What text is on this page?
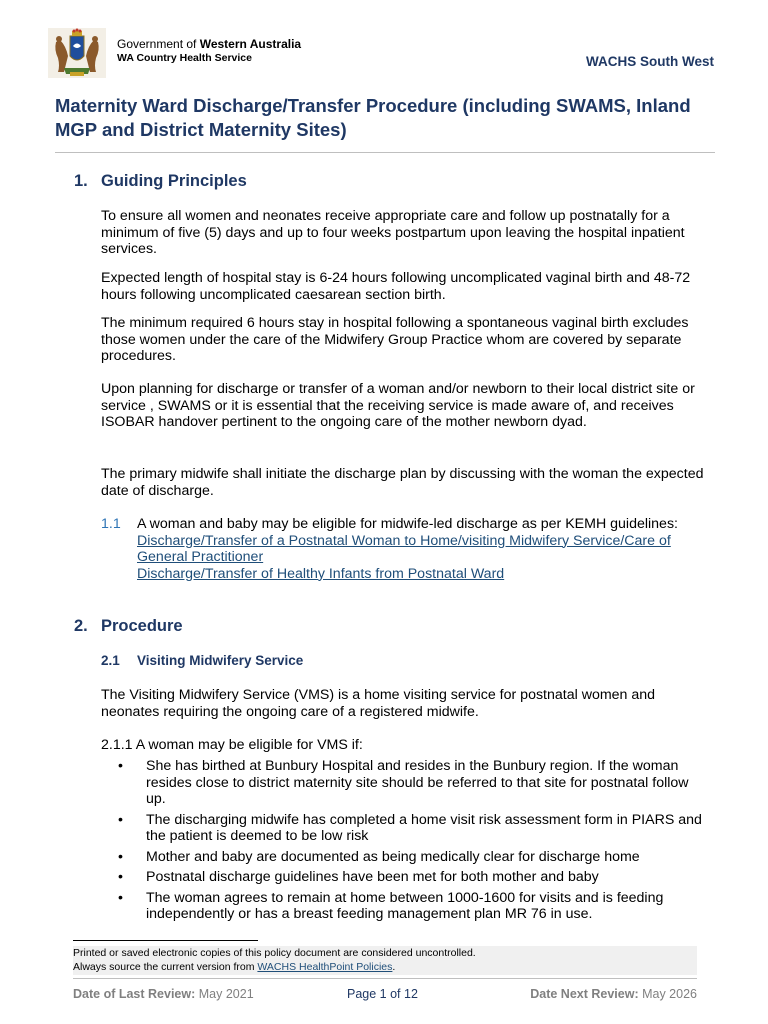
Government of Western Australia
WA Country Health Service	WACHS South West
Maternity Ward Discharge/Transfer Procedure (including SWAMS, Inland MGP and District Maternity Sites)
1. Guiding Principles
To ensure all women and neonates receive appropriate care and follow up postnatally for a minimum of five (5) days and up to four weeks postpartum upon leaving the hospital inpatient services.
Expected length of hospital stay is 6-24 hours following uncomplicated vaginal birth and 48-72 hours following uncomplicated caesarean section birth.
The minimum required 6 hours stay in hospital following a spontaneous vaginal birth excludes those women under the care of the Midwifery Group Practice whom are covered by separate procedures.
Upon planning for discharge or transfer of a woman and/or newborn to their local district site or service , SWAMS or it is essential that the receiving service is made aware of, and receives ISOBAR handover pertinent to the ongoing care of the mother newborn dyad.
The primary midwife shall initiate the discharge plan by discussing with the woman the expected date of discharge.
1.1 A woman and baby may be eligible for midwife-led discharge as per KEMH guidelines:
Discharge/Transfer of a Postnatal Woman to Home/visiting Midwifery Service/Care of General Practitioner
Discharge/Transfer of Healthy Infants from Postnatal Ward
2. Procedure
2.1 Visiting Midwifery Service
The Visiting Midwifery Service (VMS) is a home visiting service for postnatal women and neonates requiring the ongoing care of a registered midwife.
2.1.1 A woman may be eligible for VMS if:
• She has birthed at Bunbury Hospital and resides in the Bunbury region. If the woman resides close to district maternity site should be referred to that site for postnatal follow up.
• The discharging midwife has completed a home visit risk assessment form in PIARS and the patient is deemed to be low risk
• Mother and baby are documented as being medically clear for discharge home
• Postnatal discharge guidelines have been met for both mother and baby
• The woman agrees to remain at home between 1000-1600 for visits and is feeding independently or has a breast feeding management plan MR 76 in use.
Printed or saved electronic copies of this policy document are considered uncontrolled.
Always source the current version from WACHS HealthPoint Policies.
Date of Last Review: May 2021	Page 1 of 12	Date Next Review: May 2026
